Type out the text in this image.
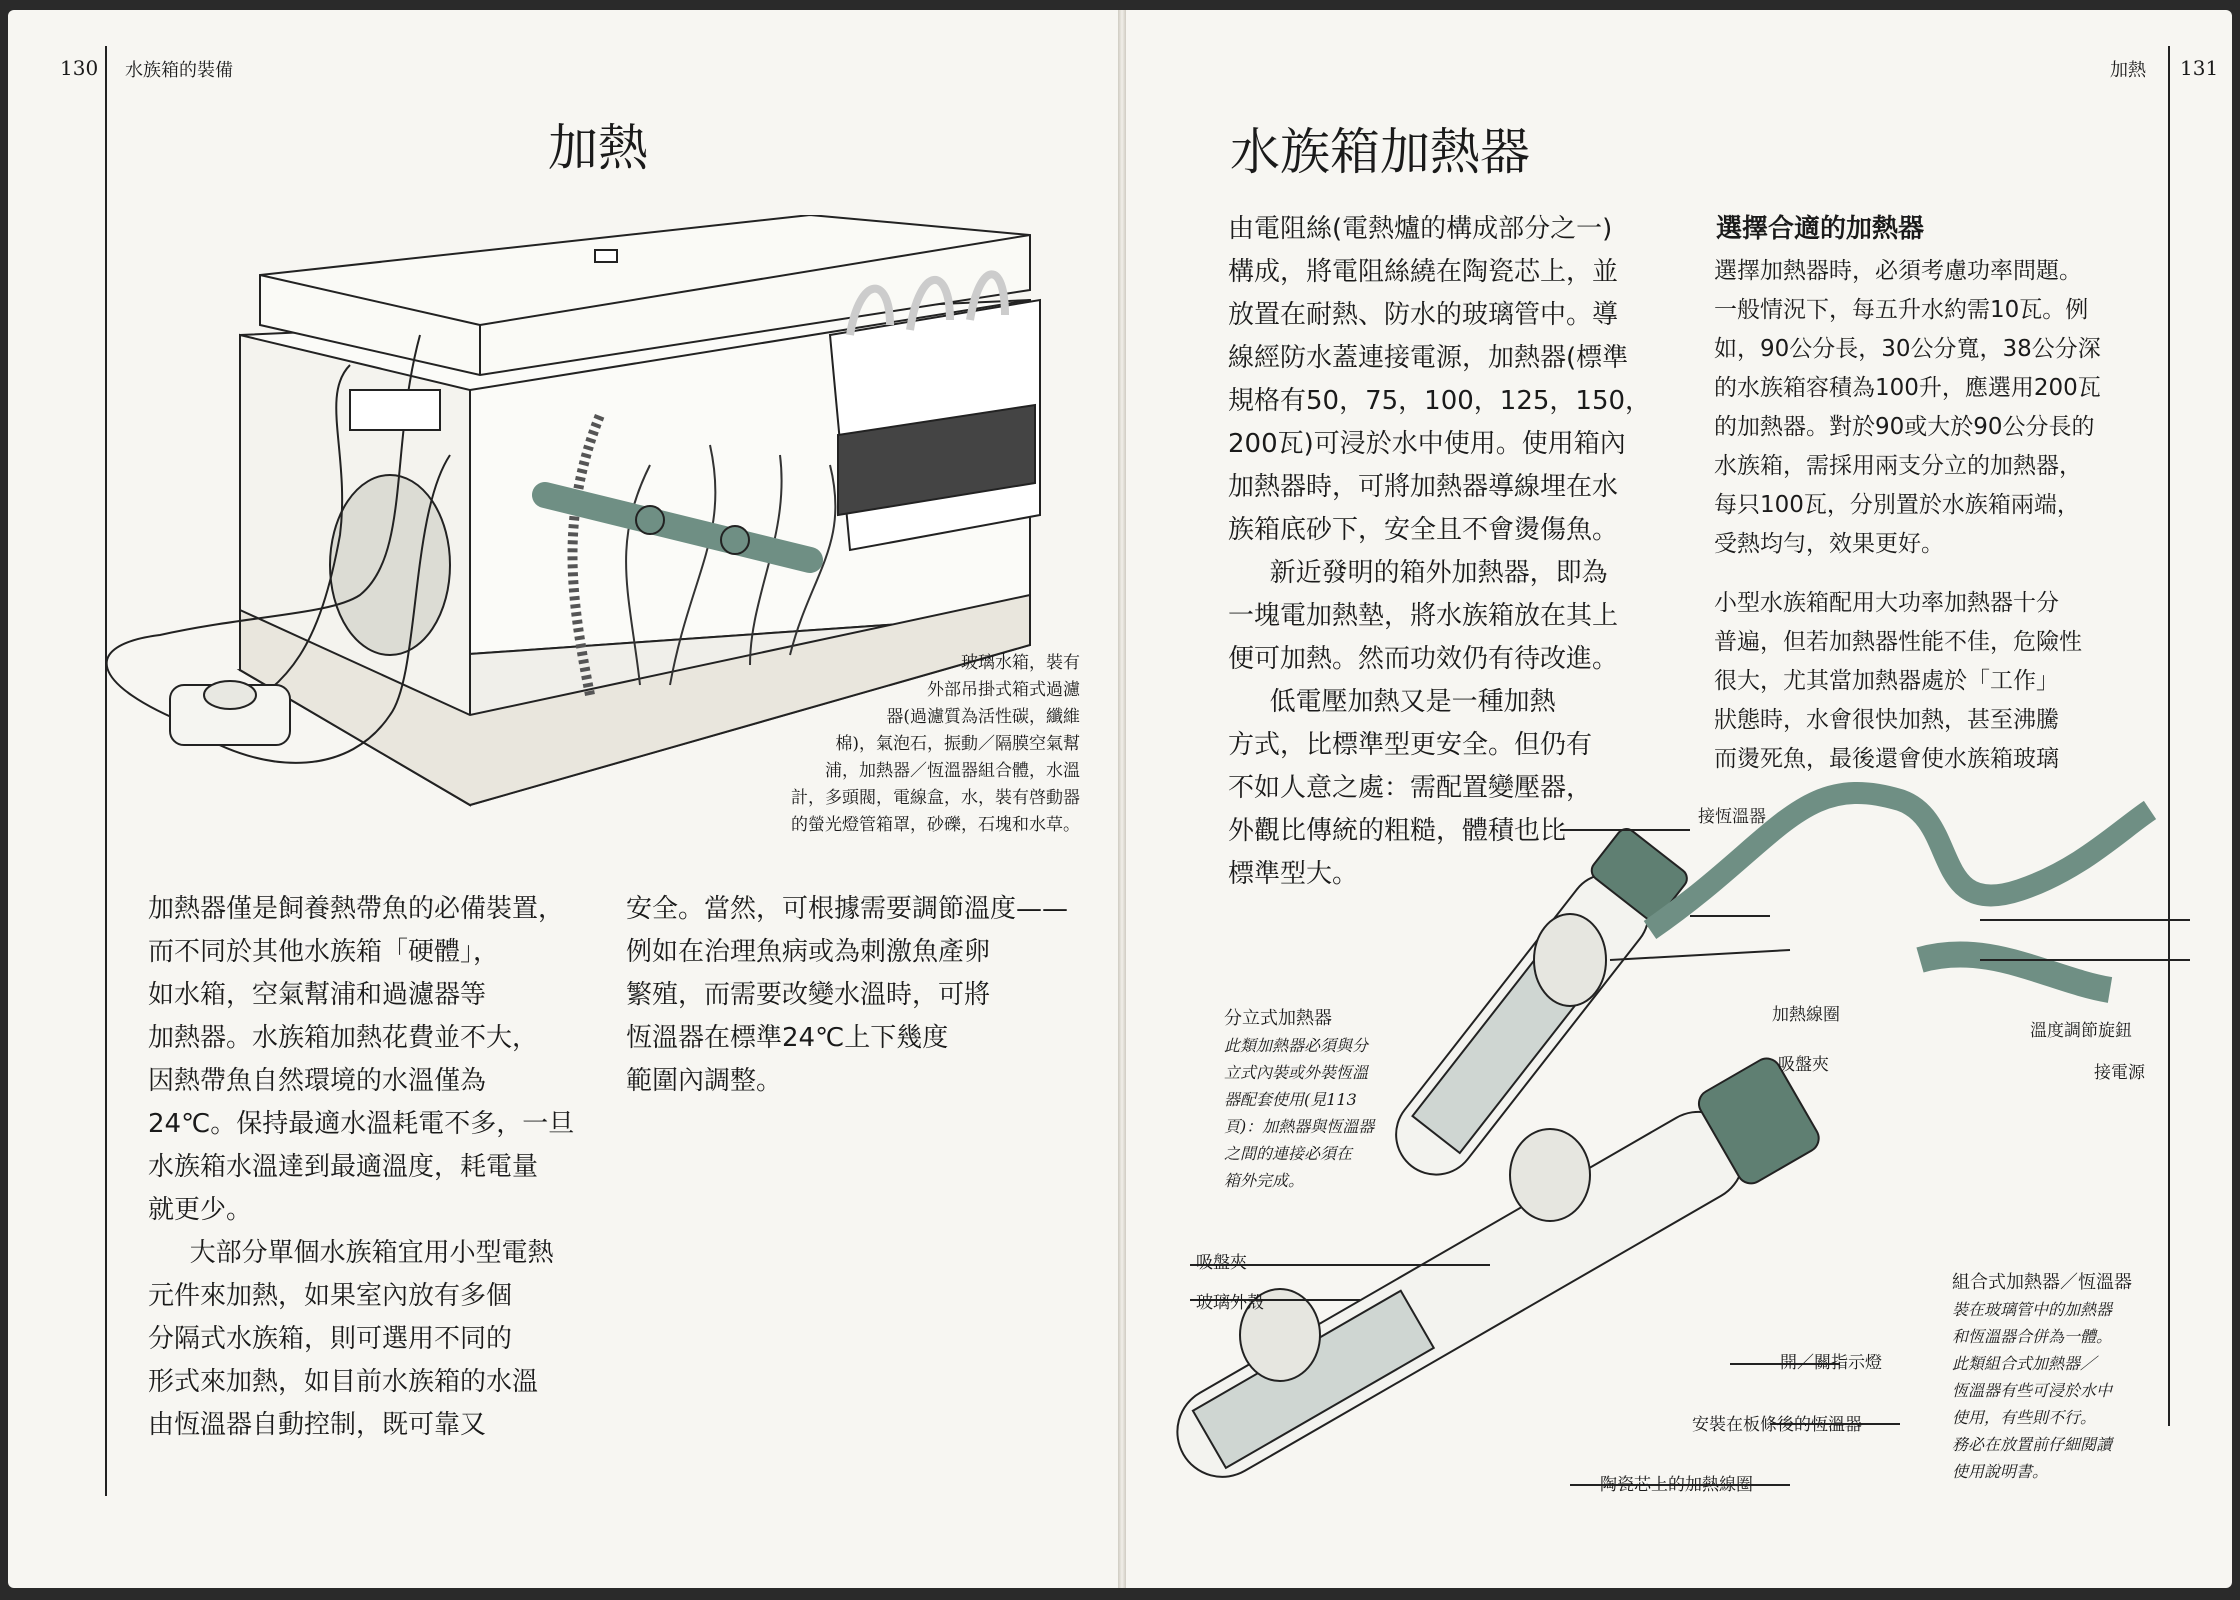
130 水族箱的裝備
加熱
玻璃水箱，裝有
外部吊掛式箱式過濾
器(過濾質為活性碳，纖維
棉)，氣泡石，振動／隔膜空氣幫
浦，加熱器／恆溫器組合體，水溫
計，多頭閥，電線盒，水，裝有啓動器
的螢光燈管箱罩，砂礫，石塊和水草。

加熱器僅是飼養熱帶魚的必備裝置，

而不同於其他水族箱「硬體」，

如水箱，空氣幫浦和過濾器等

加熱器。水族箱加熱花費並不大，

因熱帶魚自然環境的水溫僅為

24℃。保持最適水溫耗電不多，一旦

水族箱水溫達到最適溫度，耗電量

就更少。

大部分單個水族箱宜用小型電熱

元件來加熱，如果室內放有多個

分隔式水族箱，則可選用不同的

形式來加熱，如目前水族箱的水溫

由恆溫器自動控制，既可靠又

安全。當然，可根據需要調節溫度——

例如在治理魚病或為刺激魚產卵

繁殖，而需要改變水溫時，可將

恆溫器在標準24℃上下幾度

範圍內調整。

加熱 131
水族箱加熱器

由電阻絲(電熱爐的構成部分之一)

構成，將電阻絲繞在陶瓷芯上，並

放置在耐熱、防水的玻璃管中。導

線經防水蓋連接電源，加熱器(標準

規格有50，75，100，125，150，

200瓦)可浸於水中使用。使用箱內

加熱器時，可將加熱器導線埋在水

族箱底砂下，安全且不會燙傷魚。

新近發明的箱外加熱器，即為

一塊電加熱墊，將水族箱放在其上

便可加熱。然而功效仍有待改進。

低電壓加熱又是一種加熱

方式，比標準型更安全。但仍有

不如人意之處：需配置變壓器，

外觀比傳統的粗糙，體積也比

標準型大。

選擇合適的加熱器

選擇加熱器時，必須考慮功率問題。

一般情況下，每五升水約需10瓦。例

如，90公分長，30公分寬，38公分深

的水族箱容積為100升，應選用200瓦

的加熱器。對於90或大於90公分長的

水族箱，需採用兩支分立的加熱器，

每只100瓦，分別置於水族箱兩端，

受熱均勻，效果更好。

小型水族箱配用大功率加熱器十分

普遍，但若加熱器性能不佳，危險性

很大，尤其當加熱器處於「工作」

狀態時，水會很快加熱，甚至沸騰

而燙死魚，最後還會使水族箱玻璃

接恆溫器
加熱線圈
吸盤夾
溫度調節旋鈕
接電源
吸盤夾
玻璃外殼
開／關指示燈
安裝在板條後的恆溫器
陶瓷芯上的加熱線圈
分立式加熱器
此類加熱器必須與分
立式內裝或外裝恆溫
器配套使用(見113
頁)：加熱器與恆溫器
之間的連接必須在
箱外完成。
組合式加熱器／恆溫器
裝在玻璃管中的加熱器
和恆溫器合併為一體。
此類組合式加熱器／
恆溫器有些可浸於水中
使用，有些則不行。
務必在放置前仔細閱讀
使用說明書。
